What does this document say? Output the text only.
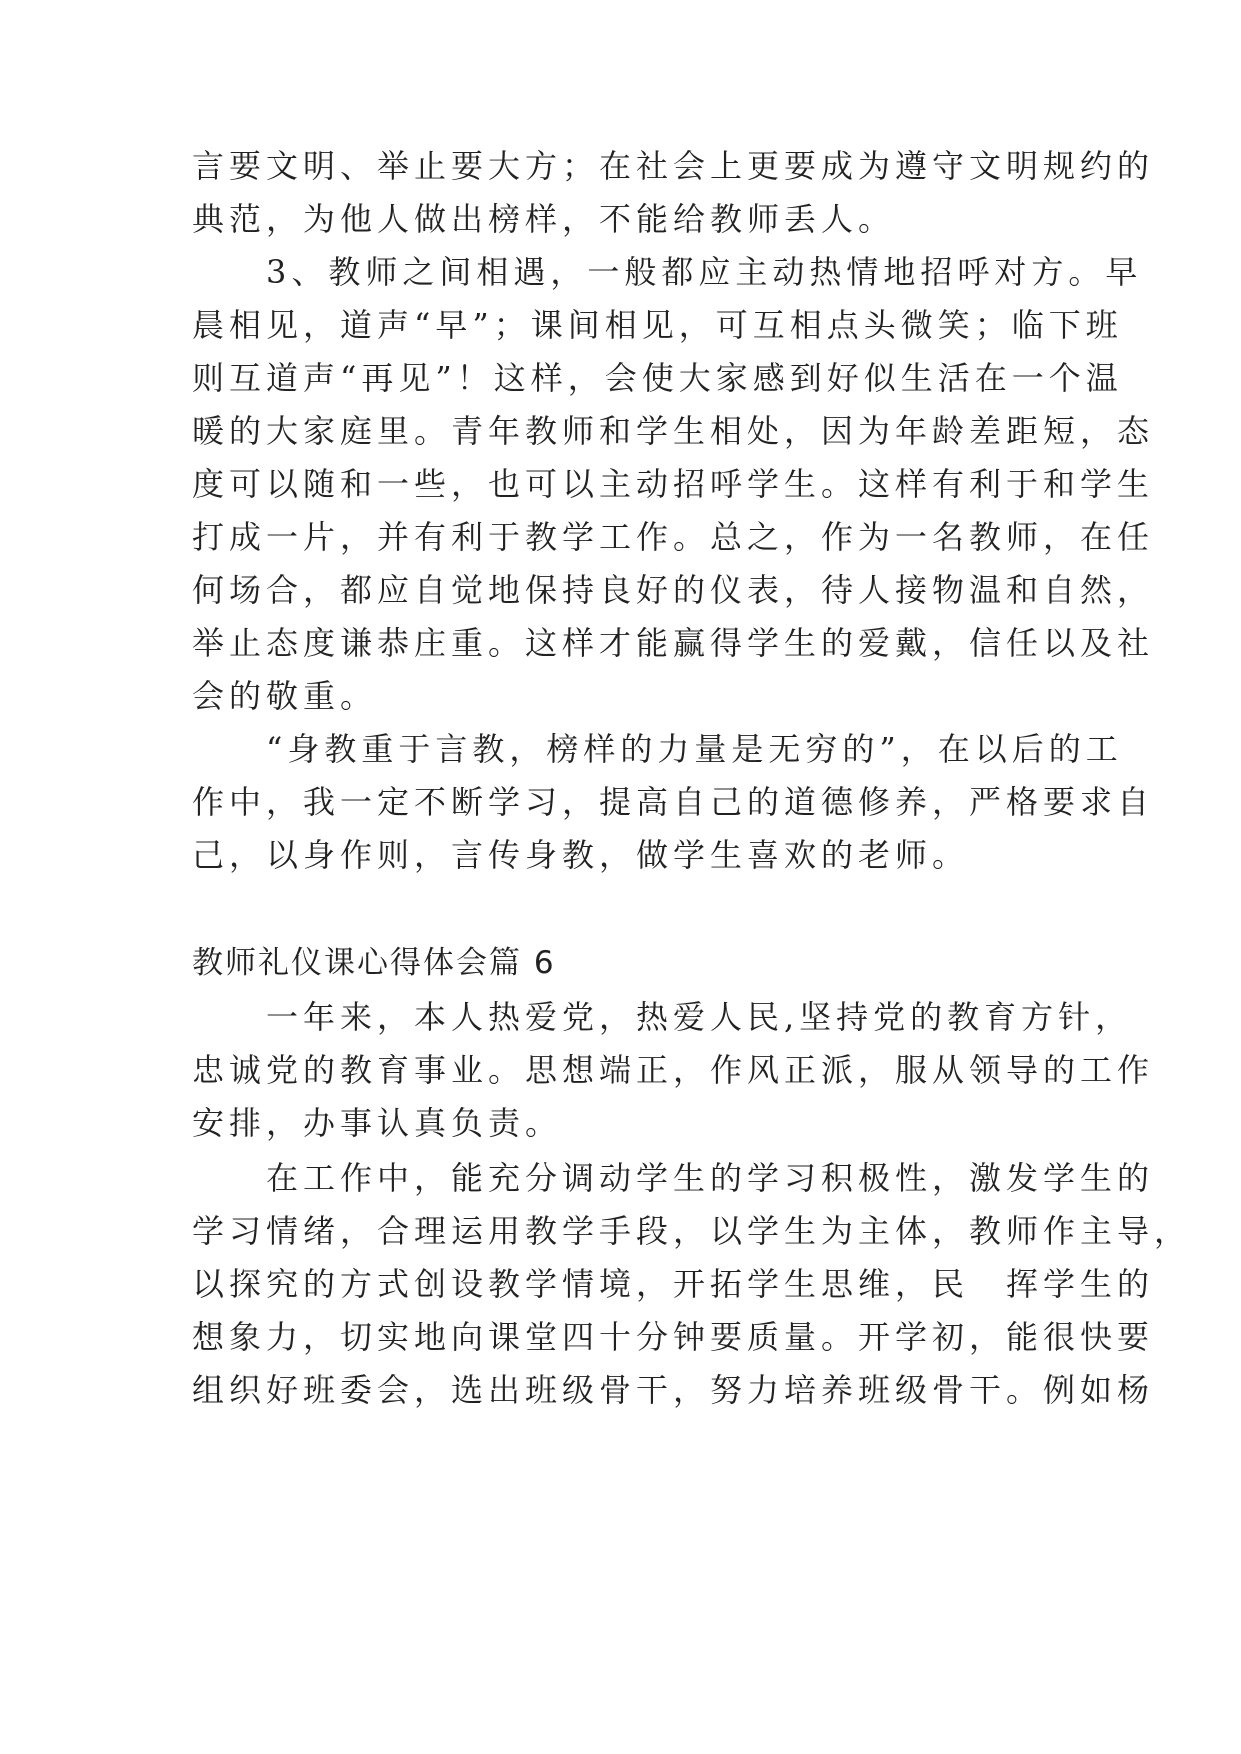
言要文明、举止要大方；在社会上更要成为遵守文明规约的
典范，为他人做出榜样，不能给教师丢人。
　　3、教师之间相遇，一般都应主动热情地招呼对方。早
晨相见，道声“早”；课间相见，可互相点头微笑；临下班
则互道声“再见”！这样，会使大家感到好似生活在一个温
暖的大家庭里。青年教师和学生相处，因为年龄差距短，态
度可以随和一些，也可以主动招呼学生。这样有利于和学生
打成一片，并有利于教学工作。总之，作为一名教师，在任
何场合，都应自觉地保持良好的仪表，待人接物温和自然，
举止态度谦恭庄重。这样才能赢得学生的爱戴，信任以及社
会的敬重。
　　“身教重于言教，榜样的力量是无穷的”，在以后的工
作中，我一定不断学习，提高自己的道德修养，严格要求自
己，以身作则，言传身教，做学生喜欢的老师。
教师礼仪课心得体会篇 6
　　一年来，本人热爱党，热爱人民,坚持党的教育方针，
忠诚党的教育事业。思想端正，作风正派，服从领导的工作
安排，办事认真负责。
　　在工作中，能充分调动学生的学习积极性，激发学生的
学习情绪，合理运用教学手段，以学生为主体，教师作主导，
以探究的方式创设教学情境，开拓学生思维，民　挥学生的
想象力，切实地向课堂四十分钟要质量。开学初，能很快要
组织好班委会，选出班级骨干，努力培养班级骨干。例如杨
